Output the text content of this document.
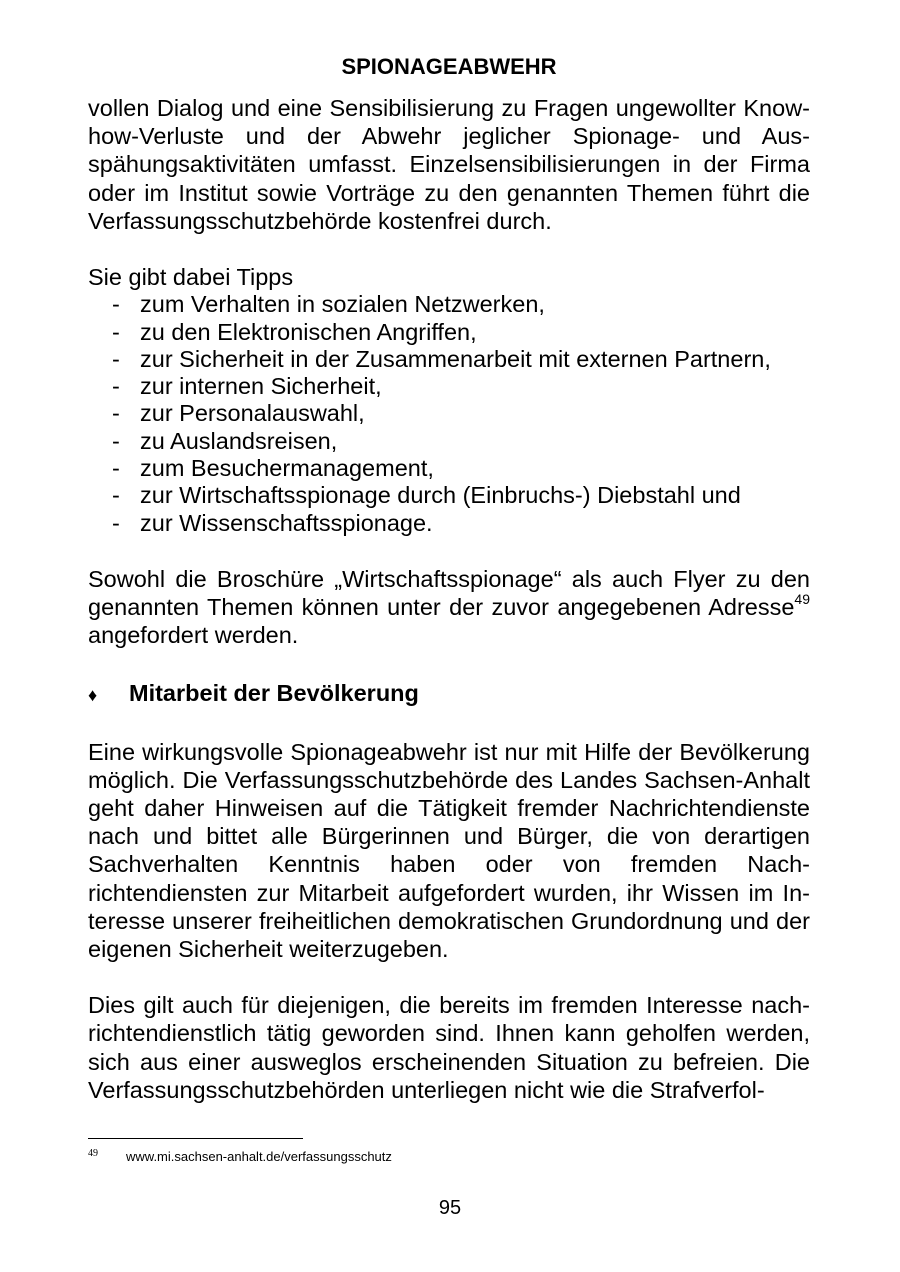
SPIONAGEABWEHR

vollen Dialog und eine Sensibilisierung zu Fragen ungewollter Know-how-Verluste und der Abwehr jeglicher Spionage- und Ausspähungsaktivitäten umfasst. Einzelsensibilisierungen in der Firma oder im Institut sowie Vorträge zu den genannten Themen führt die Verfassungsschutzbehörde kostenfrei durch.

Sie gibt dabei Tipps

- zum Verhalten in sozialen Netzwerken,
- zu den Elektronischen Angriffen,
- zur Sicherheit in der Zusammenarbeit mit externen Partnern,
- zur internen Sicherheit,
- zur Personalauswahl,
- zu Auslandsreisen,
- zum Besuchermanagement,
- zur Wirtschaftsspionage durch (Einbruchs-) Diebstahl und
- zur Wissenschaftsspionage.

Sowohl die Broschüre „Wirtschaftsspionage“ als auch Flyer zu den genannten Themen können unter der zuvor angegebenen Adresse$^{49}$ angefordert werden.

♦	Mitarbeit der Bevölkerung

Eine wirkungsvolle Spionageabwehr ist nur mit Hilfe der Bevölkerung möglich. Die Verfassungsschutzbehörde des Landes Sachsen-Anhalt geht daher Hinweisen auf die Tätigkeit fremder Nachrichtendienste nach und bittet alle Bürgerinnen und Bürger, die von derartigen Sachverhalten Kenntnis haben oder von fremden Nachrichtendiensten zur Mitarbeit aufgefordert wurden, ihr Wissen im Interesse unserer freiheitlichen demokratischen Grundordnung und der eigenen Sicherheit weiterzugeben.

Dies gilt auch für diejenigen, die bereits im fremden Interesse nachrichtendienstlich tätig geworden sind. Ihnen kann geholfen werden, sich aus einer ausweglos erscheinenden Situation zu befreien. Die Verfassungsschutzbehörden unterliegen nicht wie die Strafverfol-

49 www.mi.sachsen-anhalt.de/verfassungsschutz
95
